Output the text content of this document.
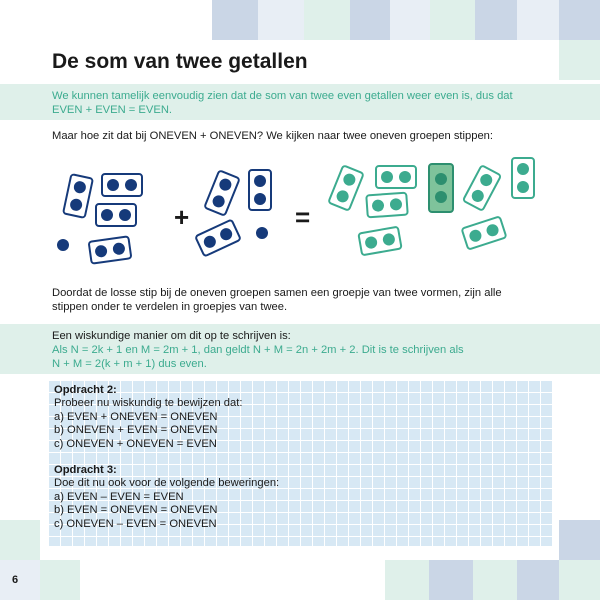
De som van twee getallen
We kunnen tamelijk eenvoudig zien dat de som van twee even getallen weer even is, dus dat
EVEN + EVEN = EVEN.
Maar hoe zit dat bij ONEVEN + ONEVEN? We kijken naar twee oneven groepen stippen:
+	=
Doordat de losse stip bij de oneven groepen samen een groepje van twee vormen, zijn alle
stippen onder te verdelen in groepjes van twee.
Een wiskundige manier om dit op te schrijven is:
Als N = 2k + 1 en M = 2m + 1, dan geldt N + M = 2n + 2m + 2. Dit is te schrijven als
N + M = 2(k + m + 1) dus even.
Opdracht 2:
Probeer nu wiskundig te bewijzen dat:
a) EVEN + ONEVEN = ONEVEN
b) ONEVEN + EVEN = ONEVEN
c) ONEVEN + ONEVEN = EVEN
Opdracht 3:
Doe dit nu ook voor de volgende beweringen:
a) EVEN – EVEN = EVEN
b) EVEN = ONEVEN = ONEVEN
c) ONEVEN – EVEN = ONEVEN
6
